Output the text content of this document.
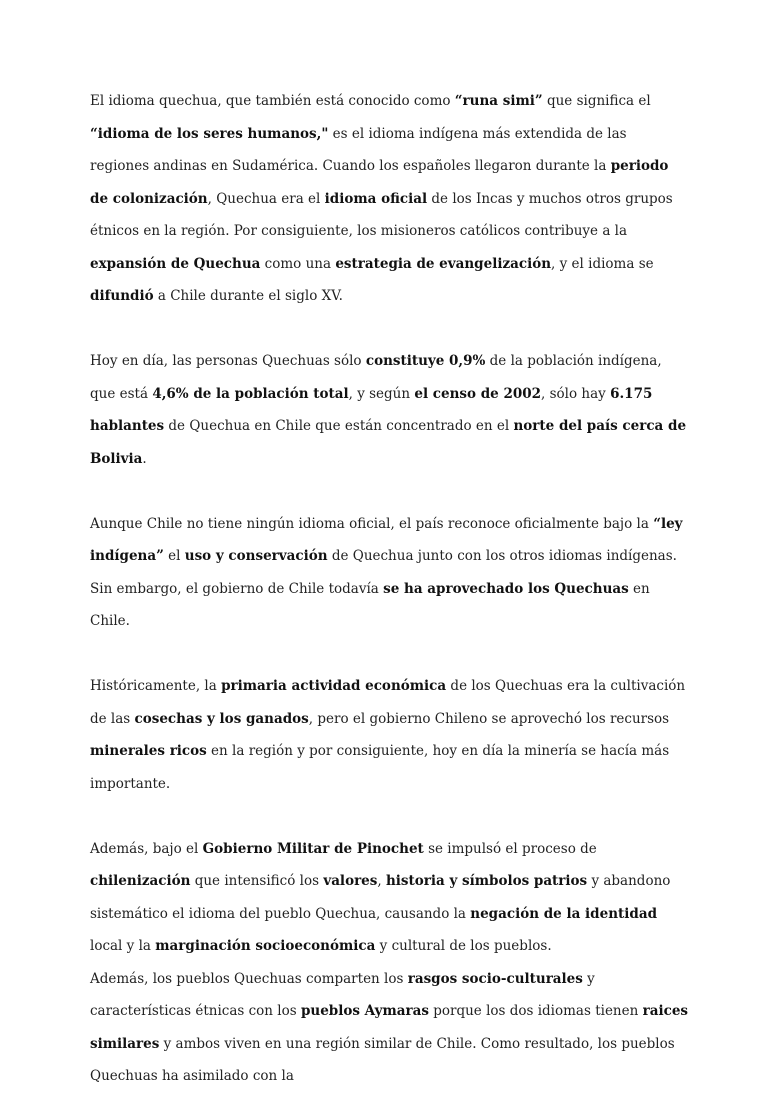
El idioma quechua, que también está conocido como “runa simi” que significa el “idioma de los seres humanos," es el idioma indígena más extendida de las regiones andinas en Sudamérica. Cuando los españoles llegaron durante la periodo de colonización, Quechua era el idioma oficial de los Incas y muchos otros grupos étnicos en la región. Por consiguiente, los misioneros católicos contribuye a la expansión de Quechua como una estrategia de evangelización, y el idioma se difundió a Chile durante el siglo XV.

Hoy en día, las personas Quechuas sólo constituye 0,9% de la población indígena, que está 4,6% de la población total, y según el censo de 2002, sólo hay 6.175 hablantes de Quechua en Chile que están concentrado en el norte del país cerca de Bolivia.

Aunque Chile no tiene ningún idioma oficial, el país reconoce oficialmente bajo la “ley indígena” el uso y conservación de Quechua junto con los otros idiomas indígenas. Sin embargo, el gobierno de Chile todavía se ha aprovechado los Quechuas en Chile.

Históricamente, la primaria actividad económica de los Quechuas era la cultivación de las cosechas y los ganados, pero el gobierno Chileno se aprovechó los recursos minerales ricos en la región y por consiguiente, hoy en día la minería se hacía más importante.

Además, bajo el Gobierno Militar de Pinochet se impulsó el proceso de chilenización que intensificó los valores, historia y símbolos patrios y abandono sistemático el idioma del pueblo Quechua, causando la negación de la identidad local y la marginación socioeconómica y cultural de los pueblos.

Además, los pueblos Quechuas comparten los rasgos socio-culturales y características étnicas con los pueblos Aymaras porque los dos idiomas tienen raices similares y ambos viven en una región similar de Chile. Como resultado, los pueblos Quechuas ha asimilado con la
